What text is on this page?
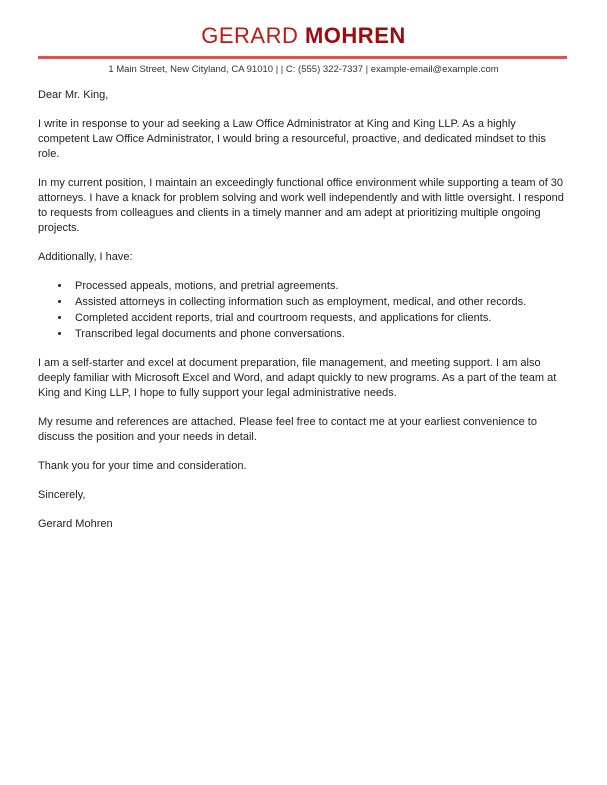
GERARD MOHREN
1 Main Street, New Cityland, CA 91010 | | C: (555) 322-7337 | example-email@example.com

Dear Mr. King,

I write in response to your ad seeking a Law Office Administrator at King and King LLP. As a highly competent Law Office Administrator, I would bring a resourceful, proactive, and dedicated mindset to this role.

In my current position, I maintain an exceedingly functional office environment while supporting a team of 30 attorneys. I have a knack for problem solving and work well independently and with little oversight. I respond to requests from colleagues and clients in a timely manner and am adept at prioritizing multiple ongoing projects.

Additionally, I have:

• Processed appeals, motions, and pretrial agreements.
• Assisted attorneys in collecting information such as employment, medical, and other records.
• Completed accident reports, trial and courtroom requests, and applications for clients.
• Transcribed legal documents and phone conversations.

I am a self-starter and excel at document preparation, file management, and meeting support. I am also deeply familiar with Microsoft Excel and Word, and adapt quickly to new programs. As a part of the team at King and King LLP, I hope to fully support your legal administrative needs.

My resume and references are attached. Please feel free to contact me at your earliest convenience to discuss the position and your needs in detail.

Thank you for your time and consideration.

Sincerely,

Gerard Mohren
